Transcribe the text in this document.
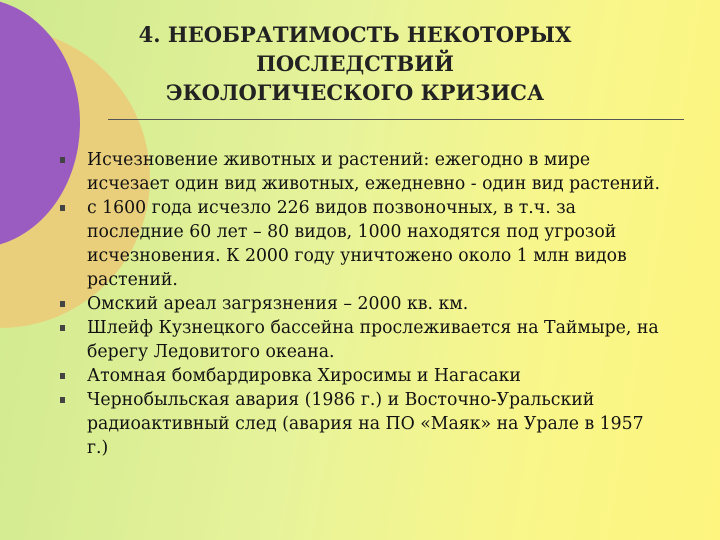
4. НЕОБРАТИМОСТЬ НЕКОТОРЫХ
ПОСЛЕДСТВИЙ
ЭКОЛОГИЧЕСКОГО КРИЗИСА
Исчезновение животных и растений: ежегодно в мире исчезает один вид животных, ежедневно - один вид растений.
с 1600 года исчезло 226 видов позвоночных, в т.ч. за последние 60 лет – 80 видов, 1000 находятся под угрозой исчезновения. К 2000 году уничтожено около 1 млн видов растений.
Омский ареал загрязнения – 2000 кв. км.
Шлейф Кузнецкого бассейна прослеживается на Таймыре, на берегу Ледовитого океана.
Атомная бомбардировка Хиросимы и Нагасаки
Чернобыльская авария (1986 г.) и Восточно-Уральский радиоактивный след (авария на ПО «Маяк» на Урале в 1957 г.)
